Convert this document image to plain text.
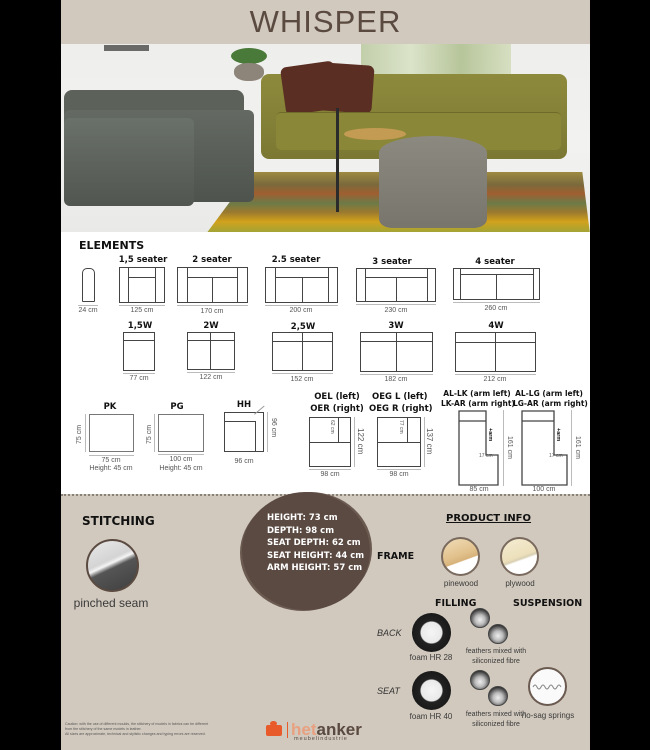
WHISPER
ELEMENTS
24 cm
1,5 seater
125 cm
2 seater
170 cm
2.5 seater
200 cm
3 seater
230 cm
4 seater
260 cm
1,5W
77 cm
2W
122 cm
2,5W
152 cm
3W
182 cm
4W
212 cm
PK
75 cm
75 cm
Height: 45 cm
PG
75 cm
100 cm
Height: 45 cm
HH
96 cm
96 cm
OEL (left)
OER (right)
62 cm
122 cm
98 cm
OEG L (left)
OEG R (right)
77 cm
137 cm
98 cm
AL-LK (arm left)
LK-AR (arm right)
+arm
17 cm 161 cm
85 cm
AL-LG (arm left)
LG-AR (arm right)
+arm
17 cm 161 cm
100 cm
STITCHING
pinched seam
HEIGHT: 73 cm
DEPTH: 98 cm
SEAT DEPTH: 62 cm
SEAT HEIGHT: 44 cm
ARM HEIGHT: 57 cm
PRODUCT INFO
FRAME
pinewood	plywood
FILLING	SUSPENSION
BACK
foam HR 28
feathers mixed with
siliconized fibre
SEAT
foam HR 40	feathers mixed with
siliconized fibre
no-sag springs
Caution: with the use of different moulds, the stitchery of models in fabrics can be different
from the stitchery of the same models in leather.
All sizes are approximate, technical and stylistic changes and typing errors are reserved.	het anker
meubelindustrie
